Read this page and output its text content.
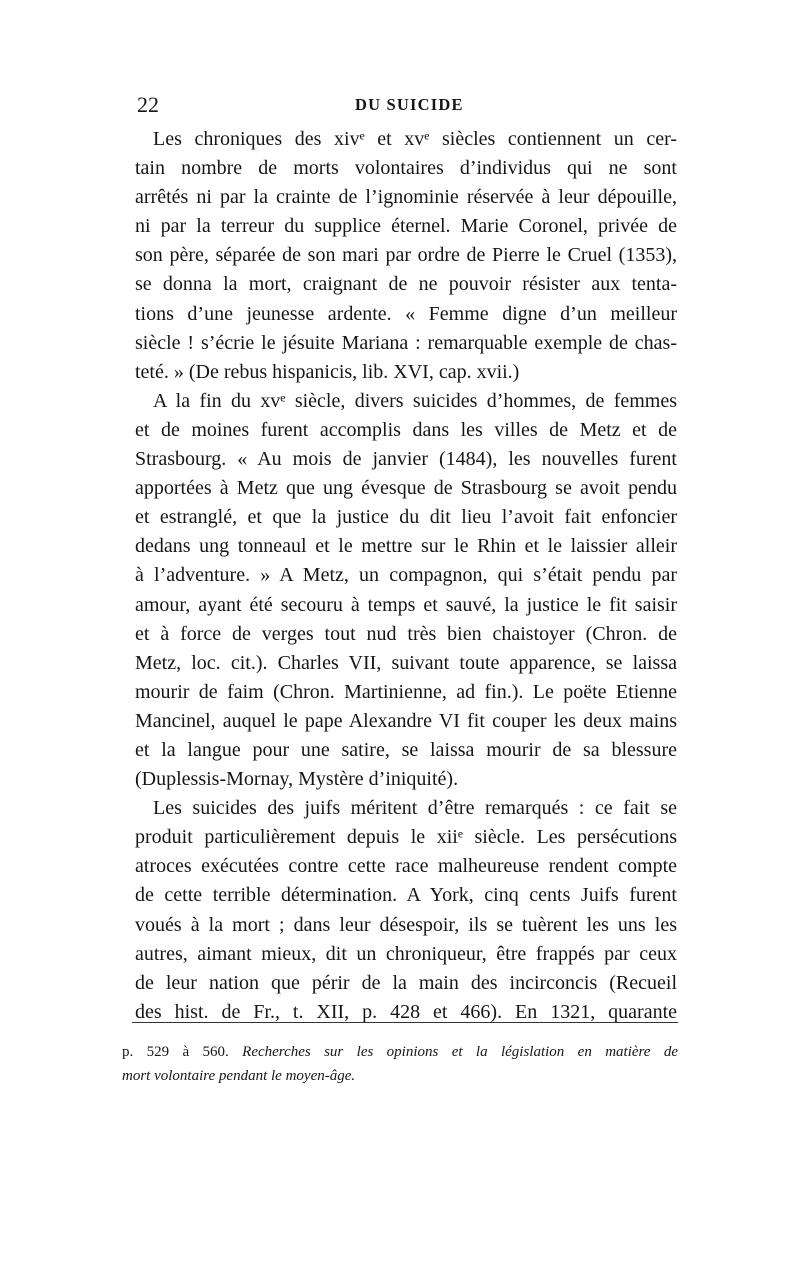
22	DU SUICIDE
Les chroniques des xivᵉ et xvᵉ siècles contiennent un cer-
tain nombre de morts volontaires d’individus qui ne sont
arrêtés ni par la crainte de l’ignominie réservée à leur dépouille,
ni par la terreur du supplice éternel. Marie Coronel, privée de
son père, séparée de son mari par ordre de Pierre le Cruel (1353),
se donna la mort, craignant de ne pouvoir résister aux tenta-
tions d’une jeunesse ardente. « Femme digne d’un meilleur
siècle ! s’écrie le jésuite Mariana : remarquable exemple de chas-
teté. » (De rebus hispanicis, lib. XVI, cap. xvii.)
A la fin du xvᵉ siècle, divers suicides d’hommes, de femmes
et de moines furent accomplis dans les villes de Metz et de
Strasbourg. « Au mois de janvier (1484), les nouvelles furent
apportées à Metz que ung évesque de Strasbourg se avoit pendu
et estranglé, et que la justice du dit lieu l’avoit fait enfoncier
dedans ung tonneaul et le mettre sur le Rhin et le laissier alleir
à l’adventure. » A Metz, un compagnon, qui s’était pendu par
amour, ayant été secouru à temps et sauvé, la justice le fit saisir
et à force de verges tout nud très bien chaistoyer (Chron. de
Metz, loc. cit.). Charles VII, suivant toute apparence, se laissa
mourir de faim (Chron. Martinienne, ad fin.). Le poëte Etienne
Mancinel, auquel le pape Alexandre VI fit couper les deux mains
et la langue pour une satire, se laissa mourir de sa blessure
(Duplessis-Mornay, Mystère d’iniquité).
Les suicides des juifs méritent d’être remarqués : ce fait se
produit particulièrement depuis le xiiᵉ siècle. Les persécutions
atroces exécutées contre cette race malheureuse rendent compte
de cette terrible détermination. A York, cinq cents Juifs furent
voués à la mort ; dans leur désespoir, ils se tuèrent les uns les
autres, aimant mieux, dit un chroniqueur, être frappés par ceux
de leur nation que périr de la main des incirconcis (Recueil
des hist. de Fr., t. XII, p. 428 et 466). En 1321, quarante
p. 529 à 560. Recherches sur les opinions et la législation en matière de
mort volontaire pendant le moyen-âge.
